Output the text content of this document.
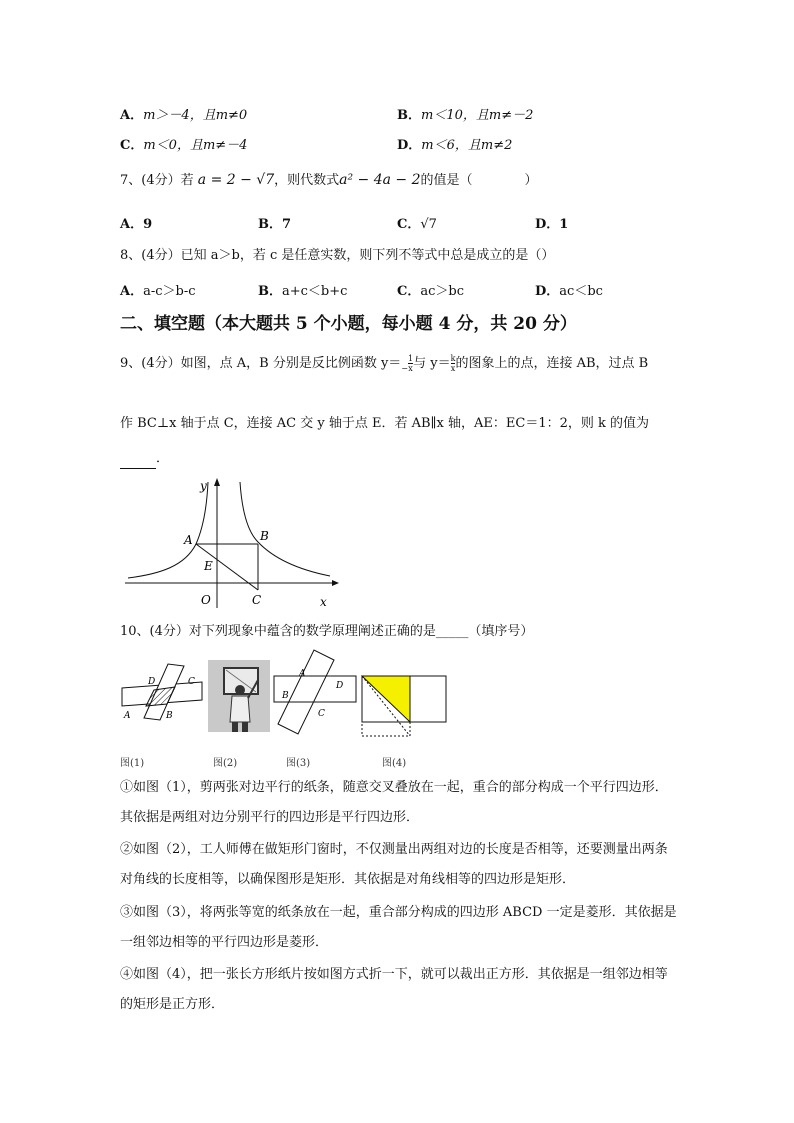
A．m＞－4，且m≠0	B．m＜10，且m≠－2
C．m＜0，且m≠－4	D．m＜6，且m≠2
7、(4分）若 a = 2 − √7，则代数式a² − 4a − 2的值是（　　　　）
A．9	B．7	C．√7	D．1
8、(4分）已知 a＞b，若 c 是任意实数，则下列不等式中总是成立的是（）
A．a-c＞b-c	B．a+c＜b+c	C．ac＞bc	D．ac＜bc
二、填空题（本大题共 5 个小题，每小题 4 分，共 20 分）
9、(4分）如图，点 A，B 分别是反比例函数 $y=- \frac{1}{x}$ 与 $y= \frac{k}{x}$ 的图象上的点，连接 AB，过点 B
作 BC⊥x 轴于点 C，连接 AC 交 y 轴于点 E．若 AB∥x 轴，AE：EC＝1：2，则 k 的值为
．
y
x
A	B
E
O	C
10、(4分）对下列现象中蕴含的数学原理阐述正确的是_____（填序号）
D	C
A	B
A
D
B
C
图(1)	图(2)	图(3)	图(4)
①如图（1），剪两张对边平行的纸条，随意交叉叠放在一起，重合的部分构成一个平行四边形．其依据是两组对边分别平行的四边形是平行四边形．
②如图（2），工人师傅在做矩形门窗时，不仅测量出两组对边的长度是否相等，还要测量出两条对角线的长度相等，以确保图形是矩形．其依据是对角线相等的四边形是矩形．
③如图（3），将两张等宽的纸条放在一起，重合部分构成的四边形 ABCD 一定是菱形．其依据是一组邻边相等的平行四边形是菱形．
④如图（4），把一张长方形纸片按如图方式折一下，就可以裁出正方形．其依据是一组邻边相等的矩形是正方形．
